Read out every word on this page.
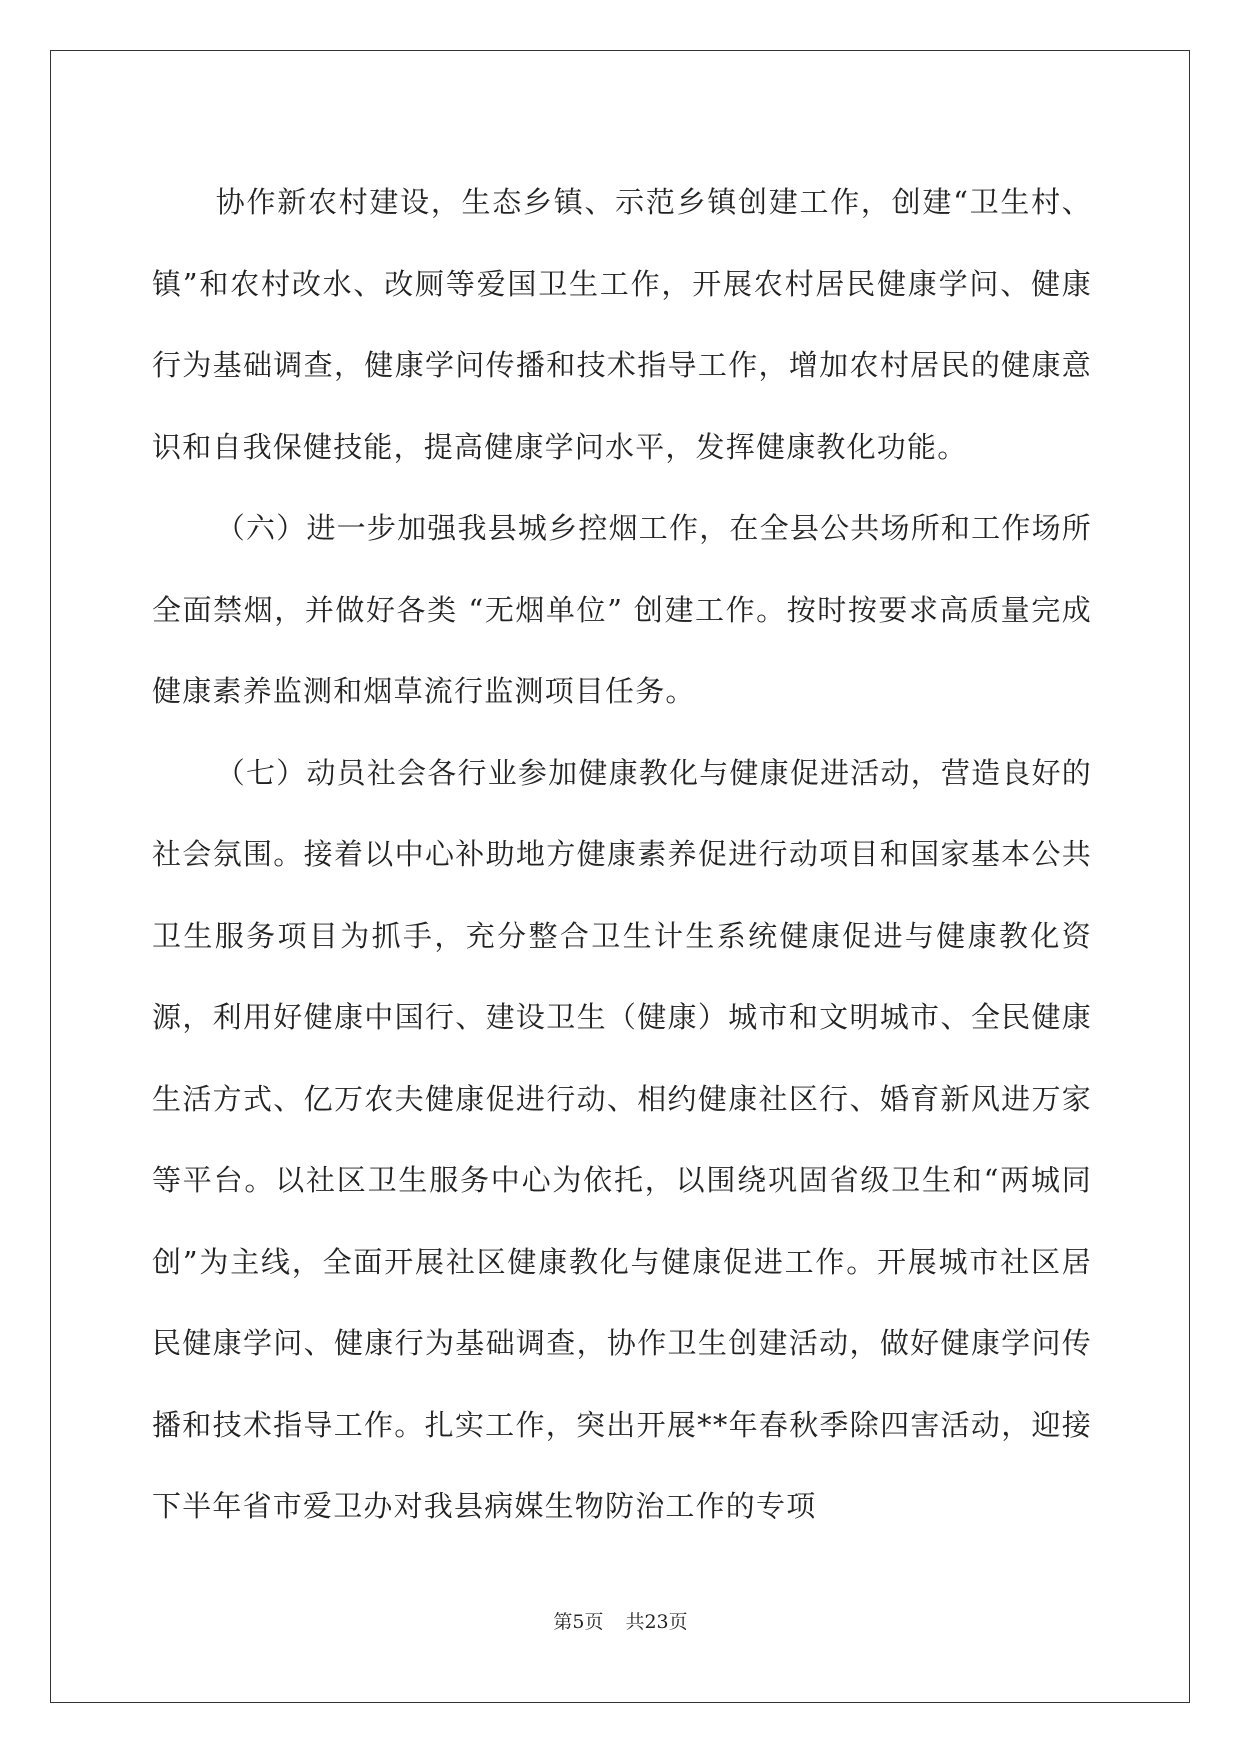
协作新农村建设，生态乡镇、示范乡镇创建工作，创建“卫生村、镇”和农村改水、改厕等爱国卫生工作，开展农村居民健康学问、健康行为基础调查，健康学问传播和技术指导工作，增加农村居民的健康意识和自我保健技能，提高健康学问水平，发挥健康教化功能。

（六）进一步加强我县城乡控烟工作，在全县公共场所和工作场所全面禁烟，并做好各类 “无烟单位” 创建工作。按时按要求高质量完成健康素养监测和烟草流行监测项目任务。

（七）动员社会各行业参加健康教化与健康促进活动，营造良好的社会氛围。接着以中心补助地方健康素养促进行动项目和国家基本公共卫生服务项目为抓手，充分整合卫生计生系统健康促进与健康教化资源，利用好健康中国行、建设卫生（健康）城市和文明城市、全民健康生活方式、亿万农夫健康促进行动、相约健康社区行、婚育新风进万家等平台。以社区卫生服务中心为依托，以围绕巩固省级卫生和“两城同创”为主线，全面开展社区健康教化与健康促进工作。开展城市社区居民健康学问、健康行为基础调查，协作卫生创建活动，做好健康学问传播和技术指导工作。扎实工作，突出开展**年春秋季除四害活动，迎接下半年省市爱卫办对我县病媒生物防治工作的专项

第5页 共23页
